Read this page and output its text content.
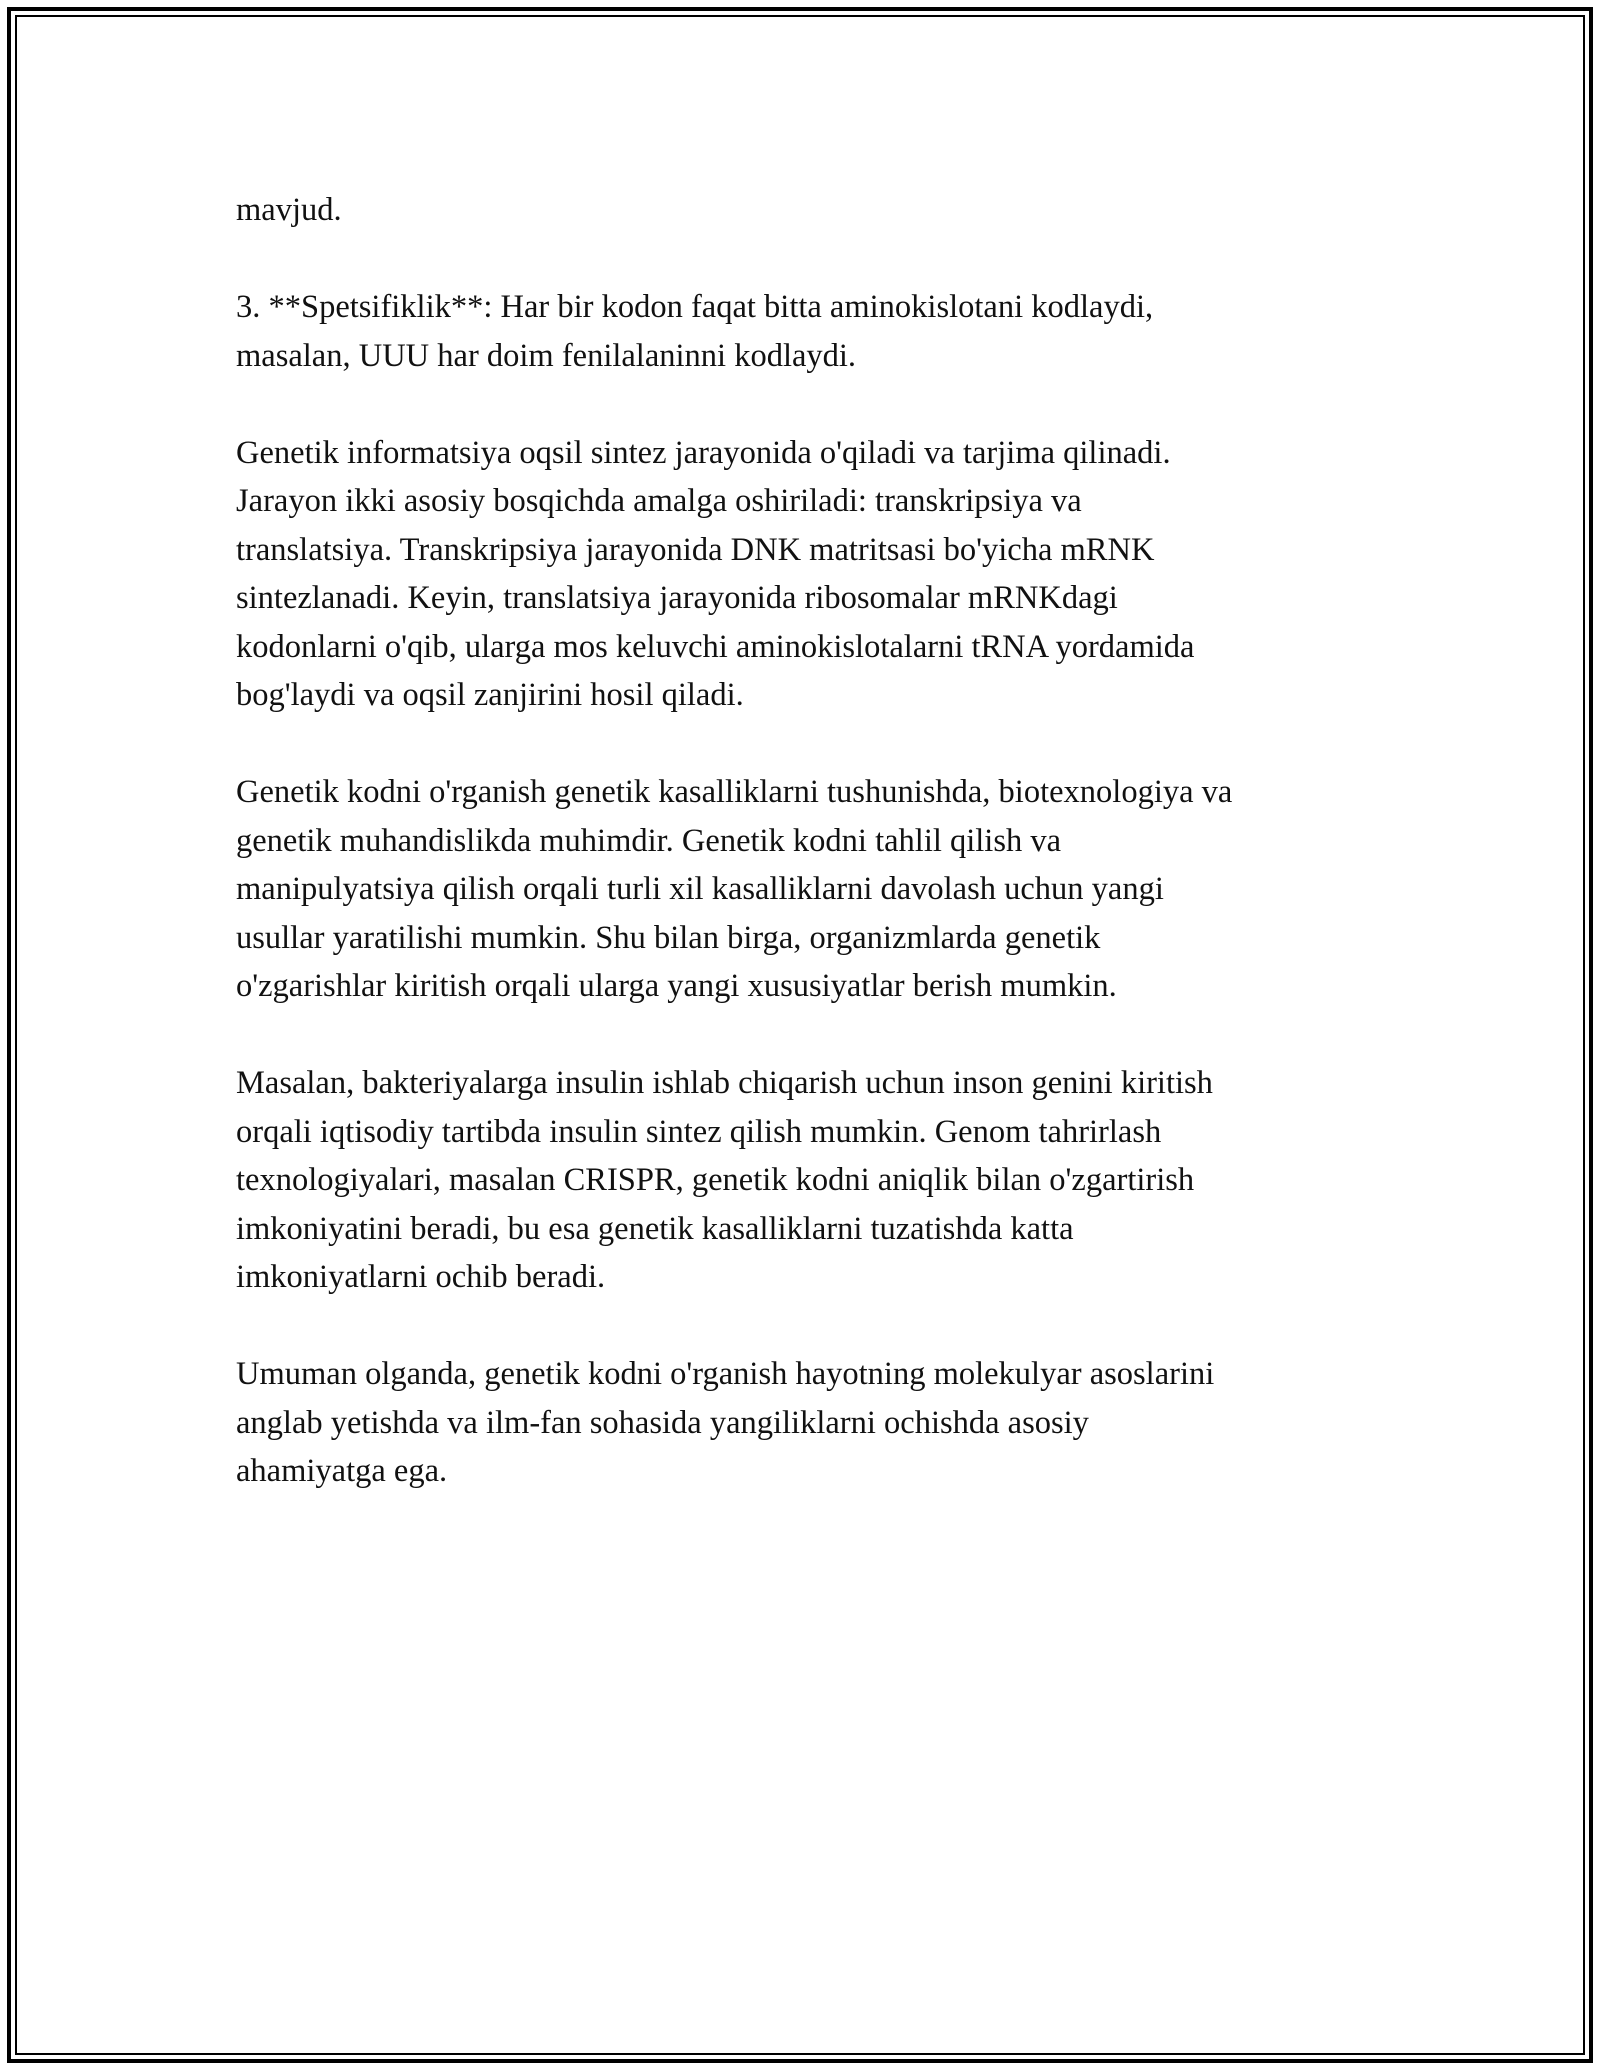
mavjud.

3. **Spetsifiklik**: Har bir kodon faqat bitta aminokislotani kodlaydi,
masalan, UUU har doim fenilalaninni kodlaydi.

Genetik informatsiya oqsil sintez jarayonida o'qiladi va tarjima qilinadi.
Jarayon ikki asosiy bosqichda amalga oshiriladi: transkripsiya va
translatsiya. Transkripsiya jarayonida DNK matritsasi bo'yicha mRNK
sintezlanadi. Keyin, translatsiya jarayonida ribosomalar mRNKdagi
kodonlarni o'qib, ularga mos keluvchi aminokislotalarni tRNA yordamida
bog'laydi va oqsil zanjirini hosil qiladi.

Genetik kodni o'rganish genetik kasalliklarni tushunishda, biotexnologiya va
genetik muhandislikda muhimdir. Genetik kodni tahlil qilish va
manipulyatsiya qilish orqali turli xil kasalliklarni davolash uchun yangi
usullar yaratilishi mumkin. Shu bilan birga, organizmlarda genetik
o'zgarishlar kiritish orqali ularga yangi xususiyatlar berish mumkin.

Masalan, bakteriyalarga insulin ishlab chiqarish uchun inson genini kiritish
orqali iqtisodiy tartibda insulin sintez qilish mumkin. Genom tahrirlash
texnologiyalari, masalan CRISPR, genetik kodni aniqlik bilan o'zgartirish
imkoniyatini beradi, bu esa genetik kasalliklarni tuzatishda katta
imkoniyatlarni ochib beradi.

Umuman olganda, genetik kodni o'rganish hayotning molekulyar asoslarini
anglab yetishda va ilm-fan sohasida yangiliklarni ochishda asosiy
ahamiyatga ega.
